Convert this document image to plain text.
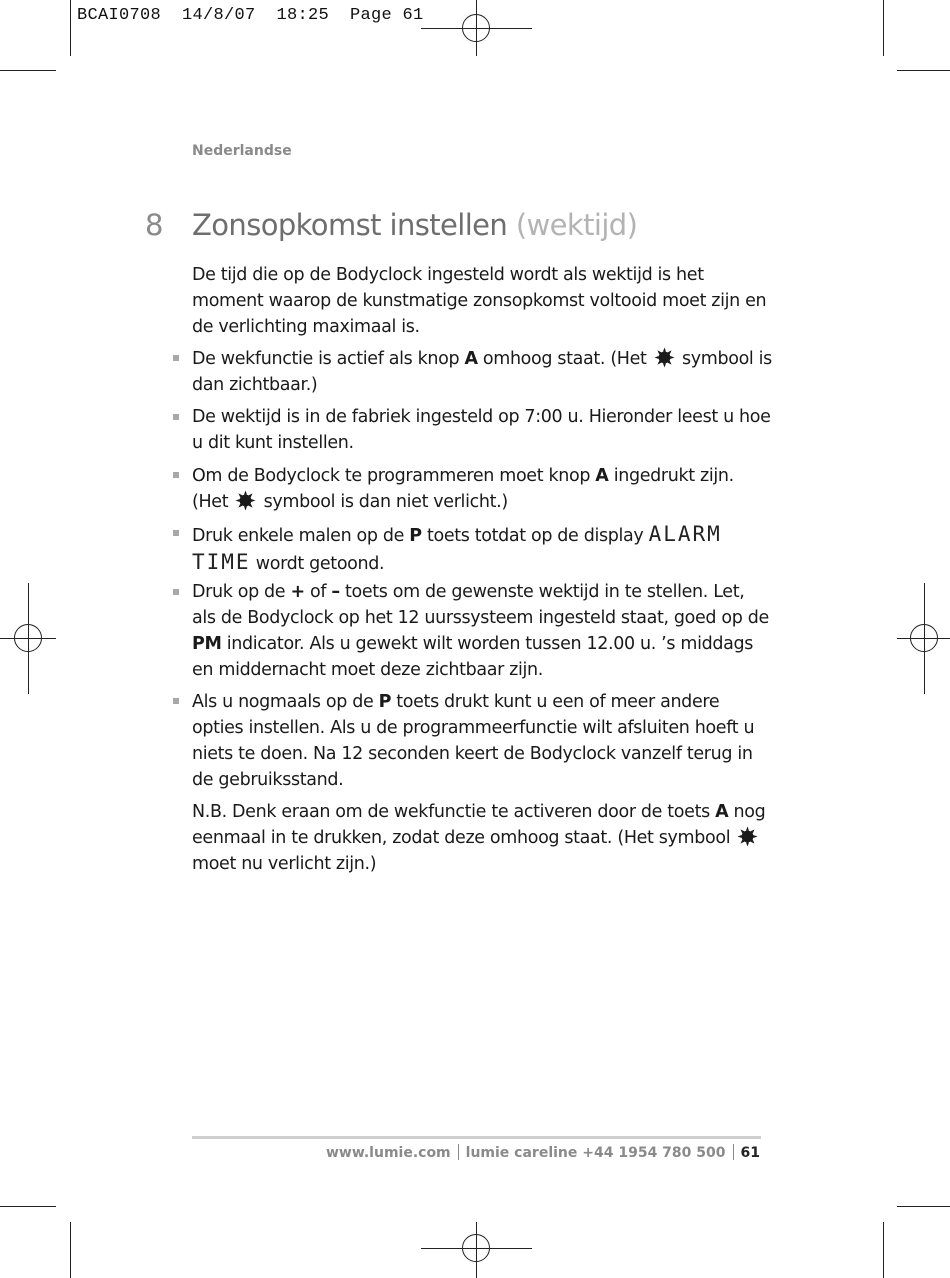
BCAI0708  14/8/07  18:25  Page 61
Nederlandse
8 Zonsopkomst instellen (wektijd)

De tijd die op de Bodyclock ingesteld wordt als wektijd is het moment waarop de kunstmatige zonsopkomst voltooid moet zijn en de verlichting maximaal is.

De wekfunctie is actief als knop A omhoog staat. (Het  symbool is dan zichtbaar.)

De wektijd is in de fabriek ingesteld op 7:00 u. Hieronder leest u hoe u dit kunt instellen.

Om de Bodyclock te programmeren moet knop A ingedrukt zijn. (Het  symbool is dan niet verlicht.)

Druk enkele malen op de P toets totdat op de display ALARM TIME wordt getoond.

Druk op de + of – toets om de gewenste wektijd in te stellen. Let, als de Bodyclock op het 12 uurssysteem ingesteld staat, goed op de PM indicator. Als u gewekt wilt worden tussen 12.00 u. ’s middags en middernacht moet deze zichtbaar zijn.

Als u nogmaals op de P toets drukt kunt u een of meer andere opties instellen. Als u de programmeerfunctie wilt afsluiten hoeft u niets te doen. Na 12 seconden keert de Bodyclock vanzelf terug in de gebruiksstand.

N.B. Denk eraan om de wekfunctie te activeren door de toets A nog eenmaal in te drukken, zodat deze omhoog staat. (Het symbool  moet nu verlicht zijn.)

www.lumie.com lumie careline +44 1954 780 500 61
